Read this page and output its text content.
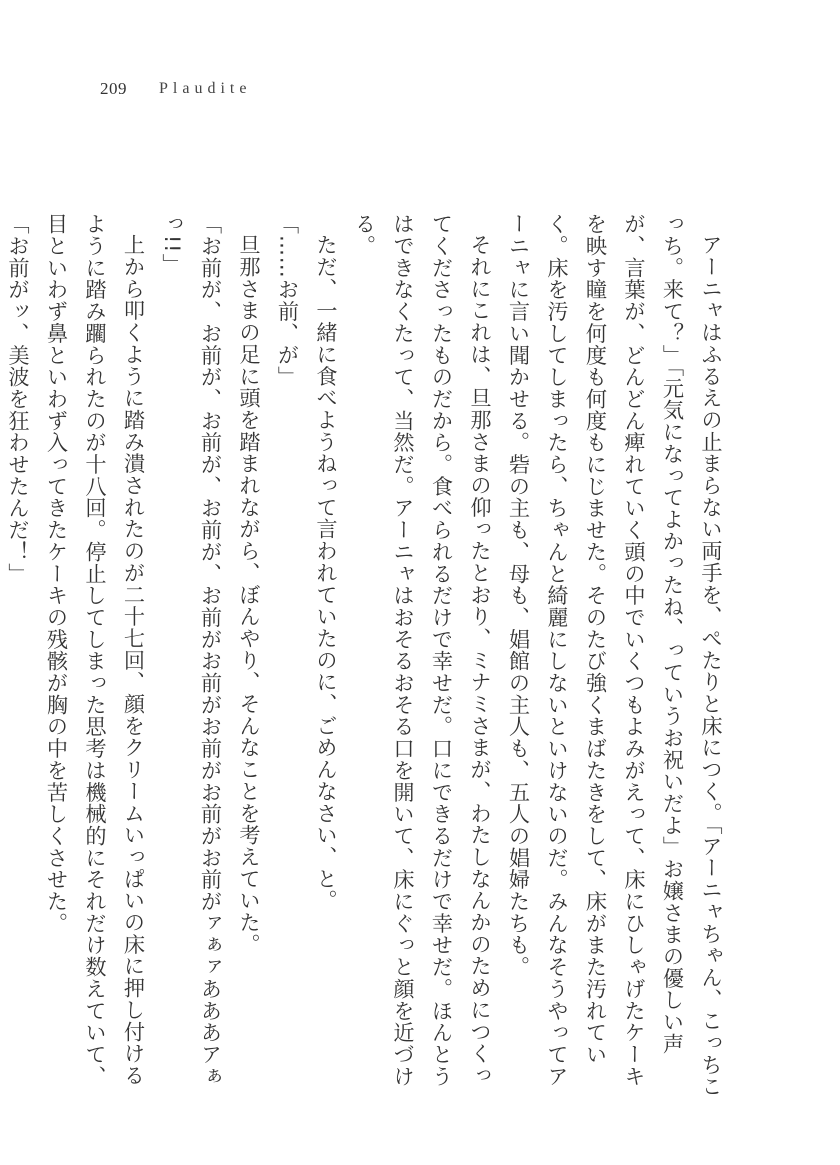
209 Plaudite

アーニャはふるえの止まらない両手を、ぺたりと床につく。「アーニャちゃん、こっちこっち。来て？」「元気になってよかったね、っていうお祝いだよ」お嬢さまの優しい声が、言葉が、どんどん痺れていく頭の中でいくつもよみがえって、床にひしゃげたケーキを映す瞳を何度も何度もにじませた。そのたび強くまばたきをして、床がまた汚れていく。床を汚してしまったら、ちゃんと綺麗にしないといけないのだ。みんなそうやってアーニャに言い聞かせる。砦の主も、母も、娼館の主人も、五人の娼婦たちも。

それにこれは、旦那さまの仰ったとおり、ミナミさまが、わたしなんかのためにつくってくださったものだから。食べられるだけで幸せだ。口にできるだけで幸せだ。ほんとうはできなくたって、当然だ。アーニャはおそるおそる口を開いて、床にぐっと顔を近づける。

ただ、一緒に食べようねって言われていたのに、ごめんなさい、と。

「……お前、が」

旦那さまの足に頭を踏まれながら、ぼんやり、そんなことを考えていた。

「お前が、お前が、お前が、お前が、お前がお前がお前がお前がお前がァぁァあああアぁっ!!」

上から叩くように踏み潰されたのが二十七回、顔をクリームいっぱいの床に押し付けるように踏み躙られたのが十八回。停止してしまった思考は機械的にそれだけ数えていて、目といわず鼻といわず入ってきたケーキの残骸が胸の中を苦しくさせた。

「お前がッ、美波を狂わせたんだ！」
